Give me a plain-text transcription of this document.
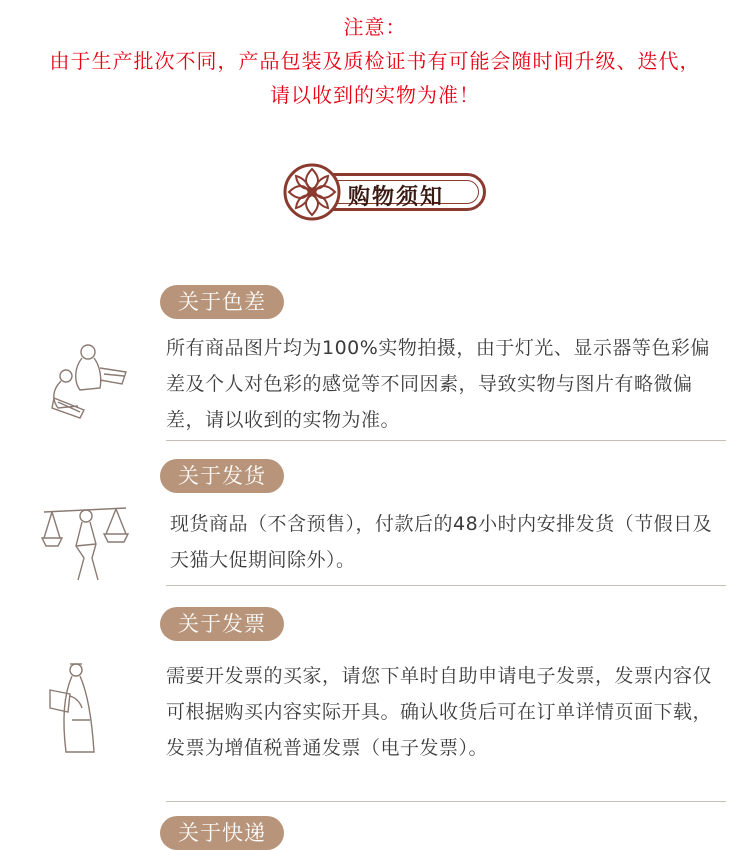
注意：
由于生产批次不同，产品包装及质检证书有可能会随时间升级、迭代，
请以收到的实物为准！
购物须知
关于色差
所有商品图片均为100%实物拍摄，由于灯光、显示器等色彩偏差及个人对色彩的感觉等不同因素，导致实物与图片有略微偏差，请以收到的实物为准。
关于发货
现货商品（不含预售），付款后的48小时内安排发货（节假日及天猫大促期间除外）。
关于发票
需要开发票的买家，请您下单时自助申请电子发票，发票内容仅可根据购买内容实际开具。确认收货后可在订单详情页面下载，发票为增值税普通发票（电子发票）。
关于快递
